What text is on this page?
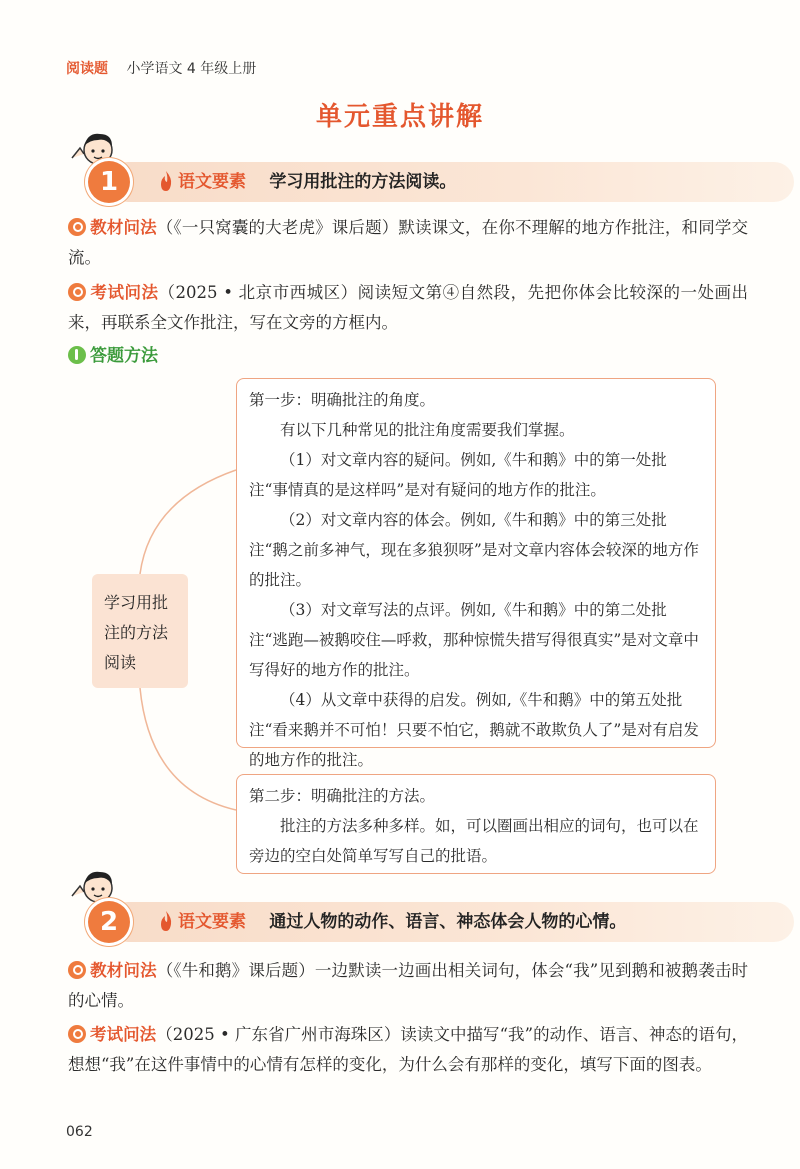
阅读题 小学语文 4 年级上册
单元重点讲解
语文要素 学习用批注的方法阅读。
1
教材问法（《一只窝囊的大老虎》课后题）默读课文，在你不理解的地方作批注，和同学交流。
考试问法（2025 • 北京市西城区）阅读短文第④自然段，先把你体会比较深的一处画出来，再联系全文作批注，写在文旁的方框内。
答题方法
学习用批
注的方法
阅读

第一步：明确批注的角度。

有以下几种常见的批注角度需要我们掌握。

（1）对文章内容的疑问。例如,《牛和鹅》中的第一处批注“事情真的是这样吗”是对有疑问的地方作的批注。

（2）对文章内容的体会。例如,《牛和鹅》中的第三处批注“鹅之前多神气，现在多狼狈呀”是对文章内容体会较深的地方作的批注。

（3）对文章写法的点评。例如,《牛和鹅》中的第二处批注“逃跑—被鹅咬住—呼救，那种惊慌失措写得很真实”是对文章中写得好的地方作的批注。

（4）从文章中获得的启发。例如,《牛和鹅》中的第五处批注“看来鹅并不可怕！只要不怕它，鹅就不敢欺负人了”是对有启发的地方作的批注。

第二步：明确批注的方法。

批注的方法多种多样。如，可以圈画出相应的词句，也可以在旁边的空白处简单写写自己的批语。

语文要素 通过人物的动作、语言、神态体会人物的心情。
2
教材问法（《牛和鹅》课后题）一边默读一边画出相关词句，体会“我”见到鹅和被鹅袭击时的心情。
考试问法（2025 • 广东省广州市海珠区）读读文中描写“我”的动作、语言、神态的语句，想想“我”在这件事情中的心情有怎样的变化，为什么会有那样的变化，填写下面的图表。
062
